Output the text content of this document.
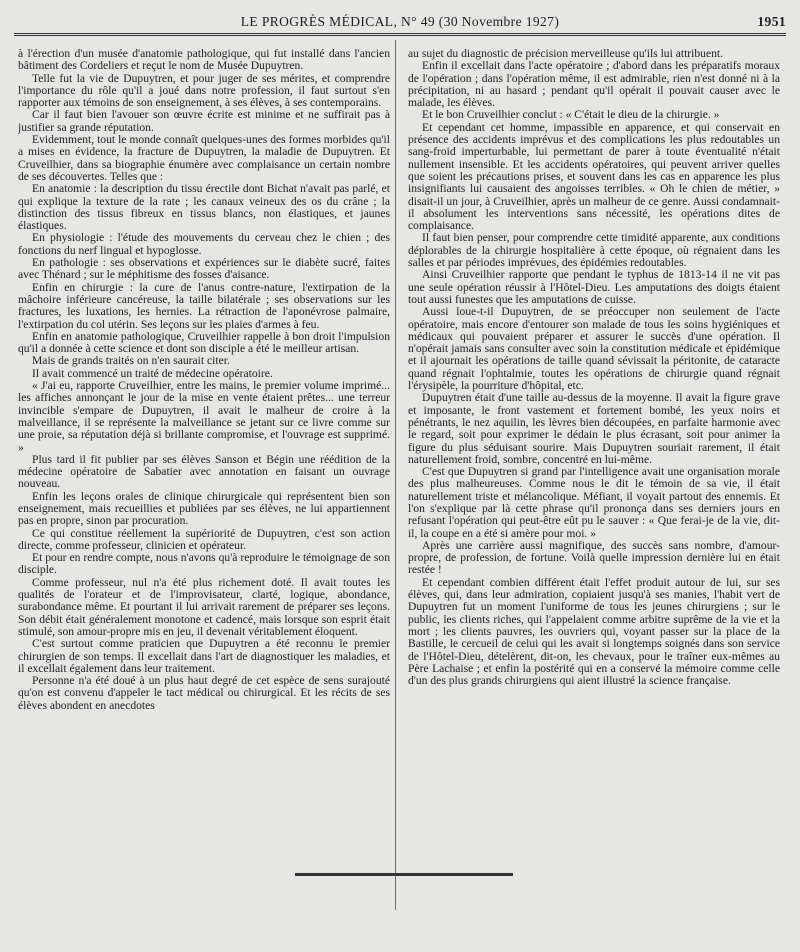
LE PROGRÈS MÉDICAL, N° 49 (30 Novembre 1927)	1951

à l'érection d'un musée d'anatomie pathologique, qui fut installé dans l'ancien bâtiment des Cordeliers et reçut le nom de Musée Dupuytren.

Telle fut la vie de Dupuytren, et pour juger de ses mérites, et comprendre l'importance du rôle qu'il a joué dans notre profession, il faut surtout s'en rapporter aux témoins de son enseignement, à ses élèves, à ses contemporains.

Car il faut bien l'avouer son œuvre écrite est minime et ne suffirait pas à justifier sa grande réputation.

Evidemment, tout le monde connaît quelques-unes des formes morbides qu'il a mises en évidence, la fracture de Dupuytren, la maladie de Dupuytren. Et Cruveilhier, dans sa biographie énumère avec complaisance un certain nombre de ses découvertes. Telles que :

En anatomie : la description du tissu érectile dont Bichat n'avait pas parlé, et qui explique la texture de la rate ; les canaux veineux des os du crâne ; la distinction des tissus fibreux en tissus blancs, non élastiques, et jaunes élastiques.

En physiologie : l'étude des mouvements du cerveau chez le chien ; des fonctions du nerf lingual et hypoglosse.

En pathologie : ses observations et expériences sur le diabète sucré, faites avec Thénard ; sur le méphitisme des fosses d'aisance.

Enfin en chirurgie : la cure de l'anus contre-nature, l'extirpation de la mâchoire inférieure cancéreuse, la taille bilatérale ; ses observations sur les fractures, les luxations, les hernies. La rétraction de l'aponévrose palmaire, l'extirpation du col utérin. Ses leçons sur les plaies d'armes à feu.

Enfin en anatomie pathologique, Cruveilhier rappelle à bon droit l'impulsion qu'il a donnée à cette science et dont son disciple a été le meilleur artisan.

Mais de grands traités on n'en saurait citer.

Il avait commencé un traité de médecine opératoire.

« J'ai eu, rapporte Cruveilhier, entre les mains, le premier volume imprimé... les affiches annonçant le jour de la mise en vente étaient prêtes... une terreur invincible s'empare de Dupuytren, il avait le malheur de croire à la malveillance, il se représente la malveillance se jetant sur ce livre comme sur une proie, sa réputation déjà si brillante compromise, et l'ouvrage est supprimé. »

Plus tard il fit publier par ses élèves Sanson et Bégin une réédition de la médecine opératoire de Sabatier avec annotation en faisant un ouvrage nouveau.

Enfin les leçons orales de clinique chirurgicale qui représentent bien son enseignement, mais recueillies et publiées par ses élèves, ne lui appartiennent pas en propre, sinon par procuration.

Ce qui constitue réellement la supériorité de Dupuytren, c'est son action directe, comme professeur, clinicien et opérateur.

Et pour en rendre compte, nous n'avons qu'à reproduire le témoignage de son disciple.

Comme professeur, nul n'a été plus richement doté. Il avait toutes les qualités de l'orateur et de l'improvisateur, clarté, logique, abondance, surabondance même. Et pourtant il lui arrivait rarement de préparer ses leçons. Son débit était généralement monotone et cadencé, mais lorsque son esprit était stimulé, son amour-propre mis en jeu, il devenait véritablement éloquent.

C'est surtout comme praticien que Dupuytren a été reconnu le premier chirurgien de son temps. Il excellait dans l'art de diagnostiquer les maladies, et il excellait également dans leur traitement.

Personne n'a été doué à un plus haut degré de cet espèce de sens surajouté qu'on est convenu d'appeler le tact médical ou chirurgical. Et les récits de ses élèves abondent en anecdotes

au sujet du diagnostic de précision merveilleuse qu'ils lui attribuent.

Enfin il excellait dans l'acte opératoire ; d'abord dans les préparatifs moraux de l'opération ; dans l'opération même, il est admirable, rien n'est donné ni à la précipitation, ni au hasard ; pendant qu'il opérait il pouvait causer avec le malade, les élèves.

Et le bon Cruveilhier conclut : « C'était le dieu de la chirurgie. »

Et cependant cet homme, impassible en apparence, et qui conservait en présence des accidents imprévus et des complications les plus redoutables un sang-froid imperturbable, lui permettant de parer à toute éventualité n'était nullement insensible. Et les accidents opératoires, qui peuvent arriver quelles que soient les précautions prises, et souvent dans les cas en apparence les plus insignifiants lui causaient des angoisses terribles. « Oh le chien de métier, » disait-il un jour, à Cruveilhier, après un malheur de ce genre. Aussi condamnait-il absolument les interventions sans nécessité, les opérations dites de complaisance.

Il faut bien penser, pour comprendre cette timidité apparente, aux conditions déplorables de la chirurgie hospitalière à cette époque, où régnaient dans les salles et par périodes imprévues, des épidémies redoutables.

Ainsi Cruveilhier rapporte que pendant le typhus de 1813-14 il ne vit pas une seule opération réussir à l'Hôtel-Dieu. Les amputations des doigts étaient tout aussi funestes que les amputations de cuisse.

Aussi loue-t-il Dupuytren, de se préoccuper non seulement de l'acte opératoire, mais encore d'entourer son malade de tous les soins hygiéniques et médicaux qui pouvaient préparer et assurer le succès d'une opération. Il n'opérait jamais sans consulter avec soin la constitution médicale et épidémique et il ajournait les opérations de taille quand sévissait la péritonite, de cataracte quand régnait l'ophtalmie, toutes les opérations de chirurgie quand régnait l'érysipèle, la pourriture d'hôpital, etc.

Dupuytren était d'une taille au-dessus de la moyenne. Il avait la figure grave et imposante, le front vastement et fortement bombé, les yeux noirs et pénétrants, le nez aquilin, les lèvres bien découpées, en parfaite harmonie avec le regard, soit pour exprimer le dédain le plus écrasant, soit pour animer la figure du plus séduisant sourire. Mais Dupuytren souriait rarement, il était naturellement froid, sombre, concentré en lui-même.

C'est que Dupuytren si grand par l'intelligence avait une organisation morale des plus malheureuses. Comme nous le dit le témoin de sa vie, il était naturellement triste et mélancolique. Méfiant, il voyait partout des ennemis. Et l'on s'explique par là cette phrase qu'il prononça dans ses derniers jours en refusant l'opération qui peut-être eût pu le sauver : « Que ferai-je de la vie, dit-il, la coupe en a été si amère pour moi. »

Après une carrière aussi magnifique, des succès sans nombre, d'amour-propre, de profession, de fortune. Voilà quelle impression dernière lui en était restée !

Et cependant combien différent était l'effet produit autour de lui, sur ses élèves, qui, dans leur admiration, copiaient jusqu'à ses manies, l'habit vert de Dupuytren fut un moment l'uniforme de tous les jeunes chirurgiens ; sur le public, les clients riches, qui l'appelaient comme arbitre suprême de la vie et la mort ; les clients pauvres, les ouvriers qui, voyant passer sur la place de la Bastille, le cercueil de celui qui les avait si longtemps soignés dans son service de l'Hôtel-Dieu, dételèrent, dit-on, les chevaux, pour le traîner eux-mêmes au Père Lachaise ; et enfin la postérité qui en a conservé la mémoire comme celle d'un des plus grands chirurgiens qui aient illustré la science française.
